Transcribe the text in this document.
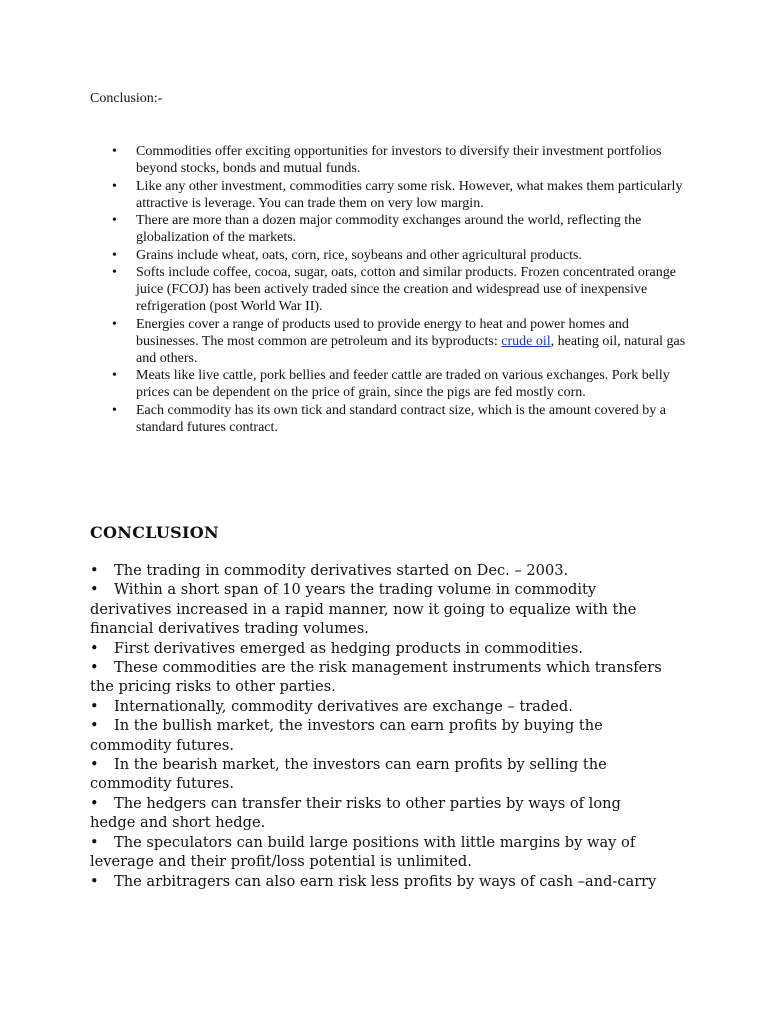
Conclusion:-
• Commodities offer exciting opportunities for investors to diversify their investment portfolios beyond stocks, bonds and mutual funds.
• Like any other investment, commodities carry some risk. However, what makes them particularly attractive is leverage. You can trade them on very low margin.
• There are more than a dozen major commodity exchanges around the world, reflecting the globalization of the markets.
• Grains include wheat, oats, corn, rice, soybeans and other agricultural products.
• Softs include coffee, cocoa, sugar, oats, cotton and similar products. Frozen concentrated orange juice (FCOJ) has been actively traded since the creation and widespread use of inexpensive refrigeration (post World War II).
• Energies cover a range of products used to provide energy to heat and power homes and businesses. The most common are petroleum and its byproducts: crude oil, heating oil, natural gas and others.
• Meats like live cattle, pork bellies and feeder cattle are traded on various exchanges. Pork belly prices can be dependent on the price of grain, since the pigs are fed mostly corn.
• Each commodity has its own tick and standard contract size, which is the amount covered by a standard futures contract.
CONCLUSION
• The trading in commodity derivatives started on Dec. – 2003.
• Within a short span of 10 years the trading volume in commodity derivatives increased in a rapid manner, now it going to equalize with the financial derivatives trading volumes.
• First derivatives emerged as hedging products in commodities.
• These commodities are the risk management instruments which transfers the pricing risks to other parties.
• Internationally, commodity derivatives are exchange – traded.
• In the bullish market, the investors can earn profits by buying the commodity futures.
• In the bearish market, the investors can earn profits by selling the commodity futures.
• The hedgers can transfer their risks to other parties by ways of long hedge and short hedge.
• The speculators can build large positions with little margins by way of leverage and their profit/loss potential is unlimited.
• The arbitragers can also earn risk less profits by ways of cash –and-carry
